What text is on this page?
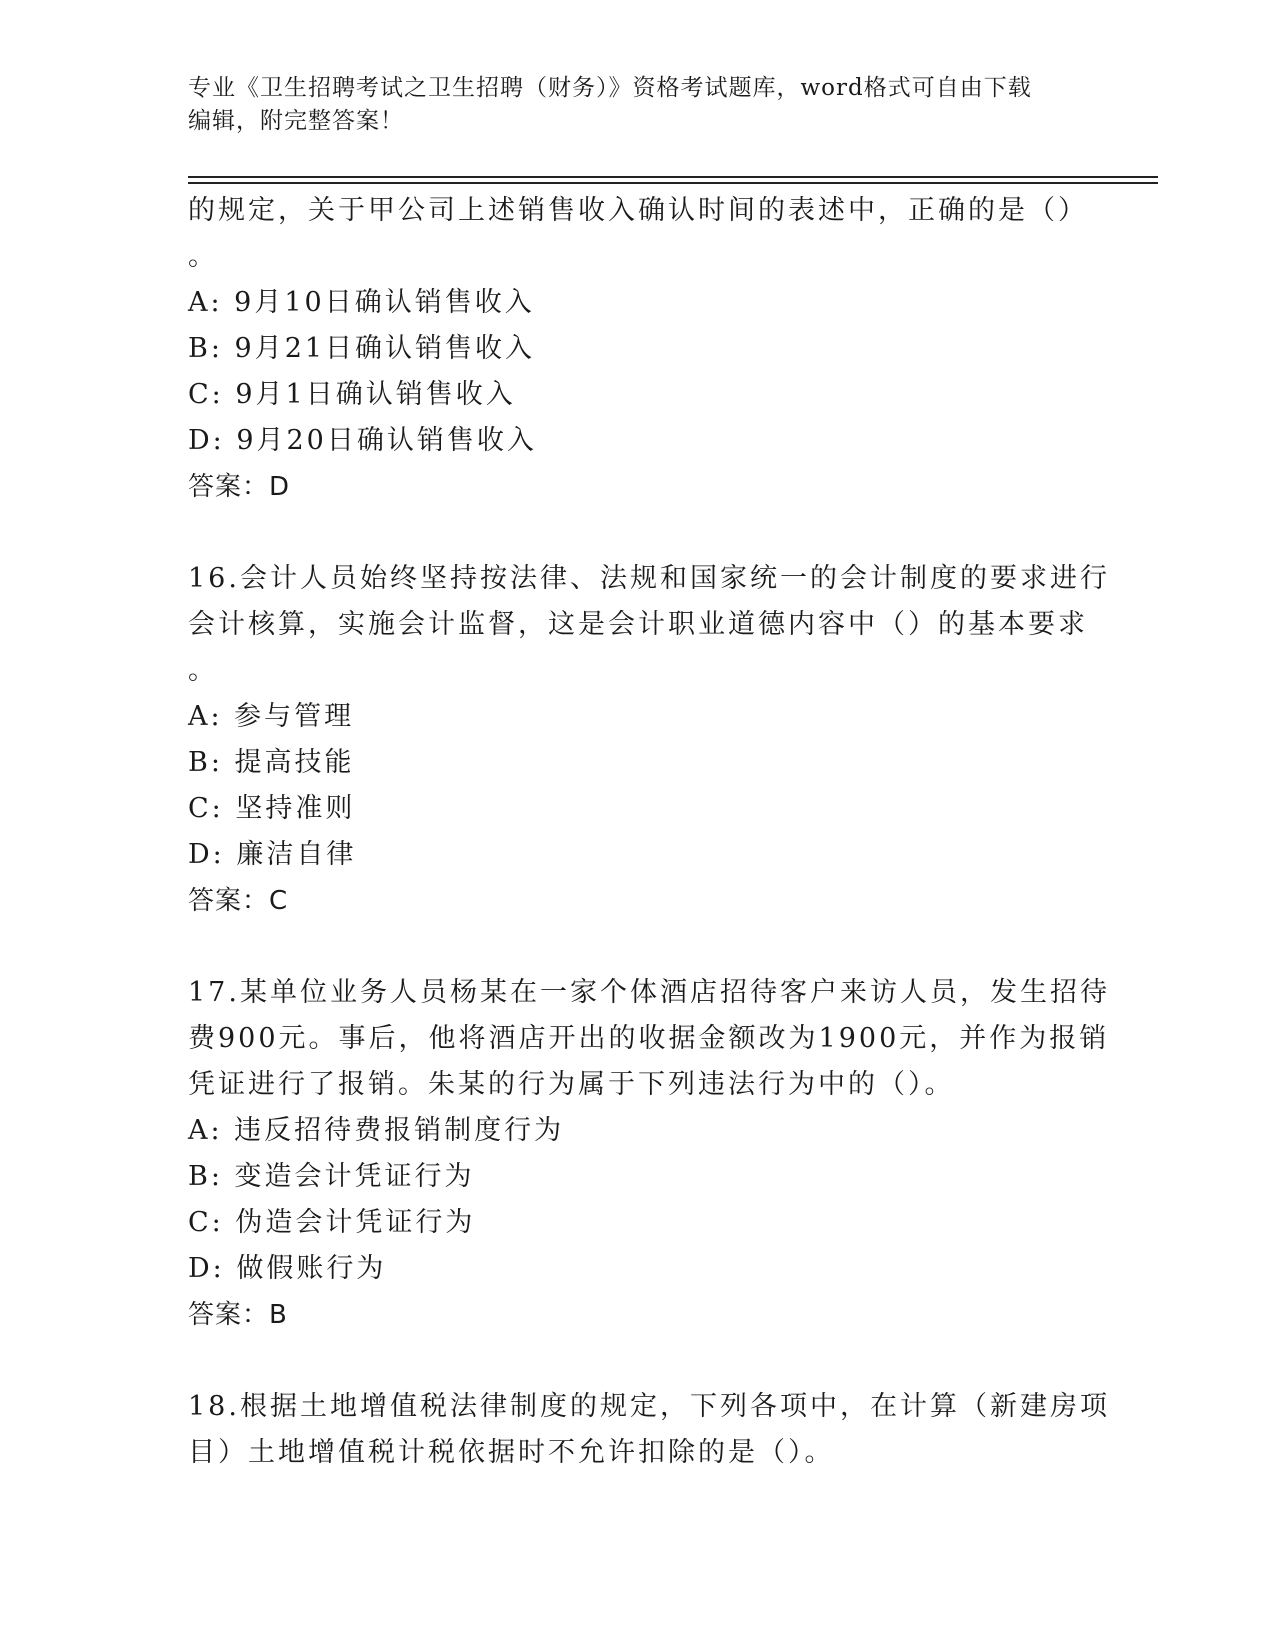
专业《卫生招聘考试之卫生招聘（财务）》资格考试题库，word格式可自由下载
编辑，附完整答案！
的规定，关于甲公司上述销售收入确认时间的表述中，正确的是（）
。
A: 9月10日确认销售收入
B: 9月21日确认销售收入
C: 9月1日确认销售收入
D: 9月20日确认销售收入
答案：D
16.会计人员始终坚持按法律、法规和国家统一的会计制度的要求进行
会计核算，实施会计监督，这是会计职业道德内容中（）的基本要求
。
A: 参与管理
B: 提高技能
C: 坚持准则
D: 廉洁自律
答案：C
17.某单位业务人员杨某在一家个体酒店招待客户来访人员，发生招待
费900元。事后，他将酒店开出的收据金额改为1900元，并作为报销
凭证进行了报销。朱某的行为属于下列违法行为中的（）。
A: 违反招待费报销制度行为
B: 变造会计凭证行为
C: 伪造会计凭证行为
D: 做假账行为
答案：B
18.根据土地增值税法律制度的规定，下列各项中，在计算（新建房项
目）土地增值税计税依据时不允许扣除的是（）。
